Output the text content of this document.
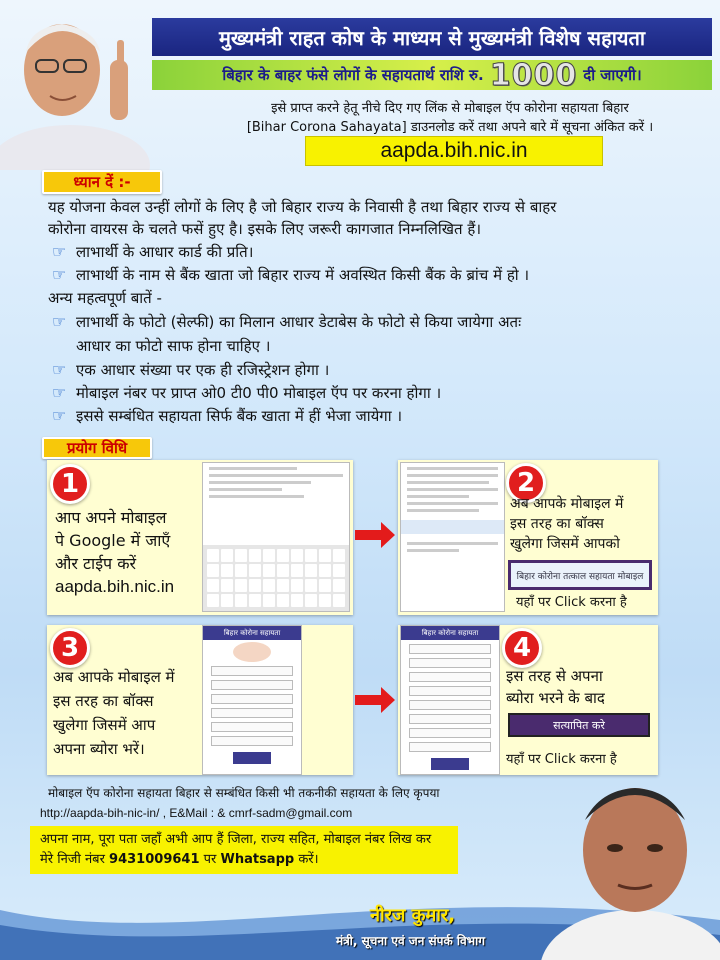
मुख्यमंत्री राहत कोष के माध्यम से मुख्यमंत्री विशेष सहायता
बिहार के बाहर फंसे लोगों के सहायतार्थ राशि रु. 1000 दी जाएगी।
इसे प्राप्त करने हेतू नीचे दिए गए लिंक से मोबाइल ऍप कोरोना सहायता बिहार
[Bihar Corona Sahayata] डाउनलोड करें तथा अपने बारे में सूचना अंकित करें ।
aapda.bih.nic.in
ध्यान दें :-
यह योजना केवल उन्हीं लोगों के लिए है जो बिहार राज्य के निवासी है तथा बिहार राज्य से बाहर
कोरोना वायरस के चलते फसें हुए है। इसके लिए जरूरी कागजात निम्नलिखित हैं।
☞ लाभार्थी के आधार कार्ड की प्रति।
☞ लाभार्थी के नाम से बैंक खाता जो बिहार राज्य में अवस्थित किसी बैंक के ब्रांच में हो ।
अन्य महत्वपूर्ण बातें -
☞ लाभार्थी के फोटो (सेल्फी) का मिलान आधार डेटाबेस के फोटो से किया जायेगा अतः
आधार का फोटो साफ होना चाहिए ।
☞ एक आधार संख्या पर एक ही रजिस्ट्रेशन होगा ।
☞ मोबाइल नंबर पर प्राप्त ओ0 टी0 पी0 मोबाइल ऍप पर करना होगा ।
☞ इससे सम्बंधित सहायता सिर्फ बैंक खाता में हीं भेजा जायेगा ।
प्रयोग विधि
1
आप अपने मोबाइल
पे Google में जाएँ
और टाईप करें
aapda.bih.nic.in
2
अब आपके मोबाइल में
इस तरह का बॉक्स
खुलेगा जिसमें आपको
बिहार कोरोना तत्काल सहायता मोबाइल
यहाँ पर Click करना है
3
अब आपके मोबाइल में
इस तरह का बॉक्स
खुलेगा जिसमें आप
अपना ब्योरा भरें।
बिहार कोरोना सहायता	बिहार कोरोना सहायता
4
इस तरह से अपना
ब्योरा भरने के बाद
सत्यापित करे
यहाँ पर Click करना है
मोबाइल ऍप कोरोना सहायता बिहार से सम्बंधित किसी भी तकनीकी सहायता के लिए कृपया
http://aapda-bih-nic-in/ , E&Mail : & cmrf-sadm@gmail.com
अपना नाम, पूरा पता जहाँ अभी आप हैं जिला, राज्य सहित, मोबाइल नंबर लिख कर
मेरे निजी नंबर 9431009641 पर Whatsapp करें।
नीरज कुमार,
मंत्री, सूचना एवं जन संपर्क विभाग
